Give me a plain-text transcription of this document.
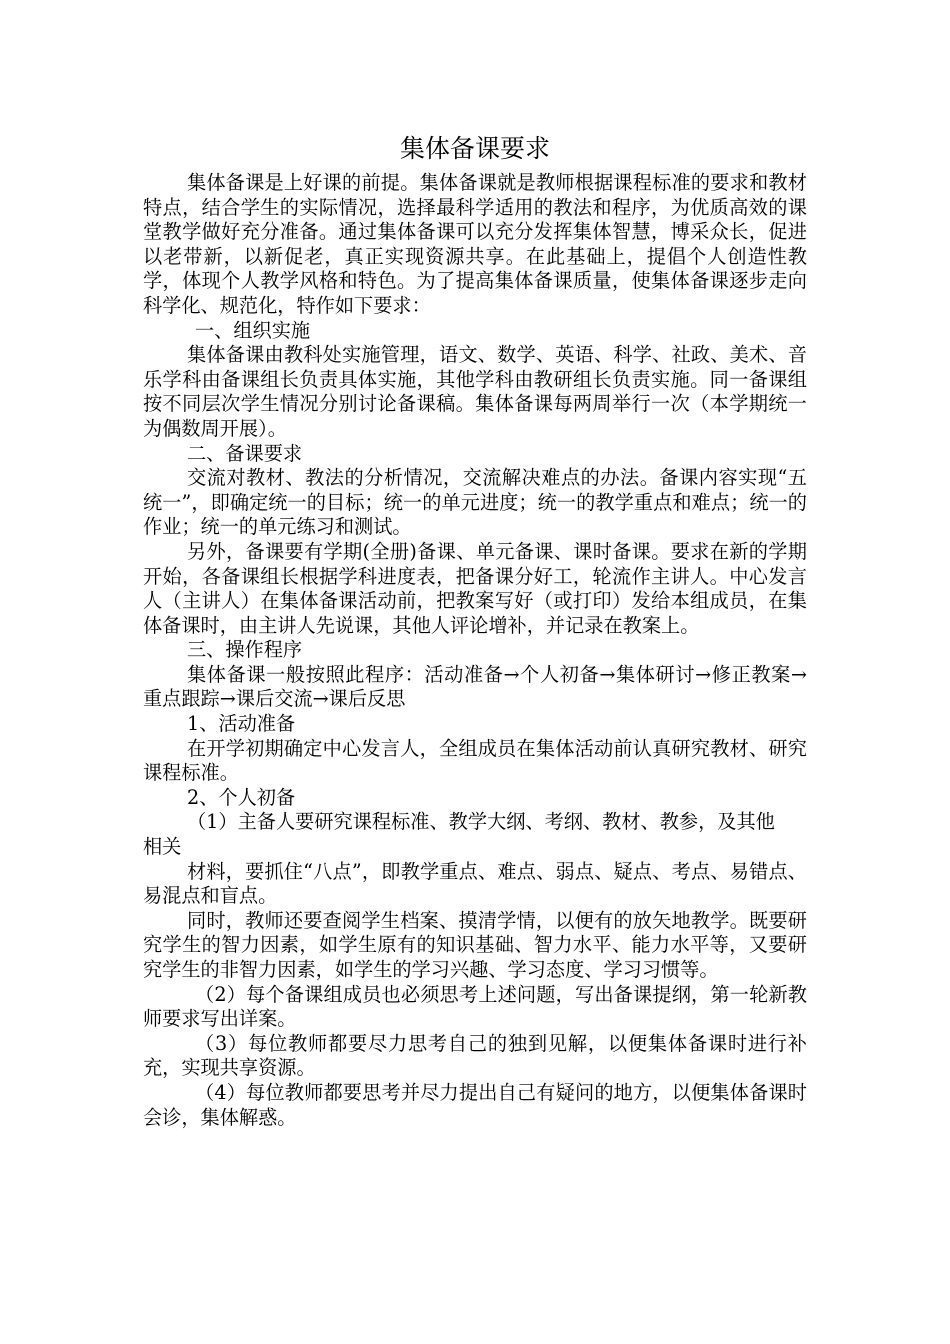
集体备课要求

集体备课是上好课的前提。集体备课就是教师根据课程标准的要求和教材特点，结合学生的实际情况，选择最科学适用的教法和程序，为优质高效的课堂教学做好充分准备。通过集体备课可以充分发挥集体智慧，博采众长，促进以老带新，以新促老，真正实现资源共享。在此基础上，提倡个人创造性教学，体现个人教学风格和特色。为了提高集体备课质量，使集体备课逐步走向科学化、规范化，特作如下要求：

一、组织实施

集体备课由教科处实施管理，语文、数学、英语、科学、社政、美术、音乐学科由备课组长负责具体实施，其他学科由教研组长负责实施。同一备课组按不同层次学生情况分别讨论备课稿。集体备课每两周举行一次（本学期统一为偶数周开展）。

二、备课要求

交流对教材、教法的分析情况，交流解决难点的办法。备课内容实现“五统一”，即确定统一的目标；统一的单元进度；统一的教学重点和难点；统一的作业；统一的单元练习和测试。

另外，备课要有学期(全册)备课、单元备课、课时备课。要求在新的学期开始，各备课组长根据学科进度表，把备课分好工，轮流作主讲人。中心发言人（主讲人）在集体备课活动前，把教案写好（或打印）发给本组成员，在集体备课时，由主讲人先说课，其他人评论增补，并记录在教案上。

三、操作程序

集体备课一般按照此程序：活动准备→个人初备→集体研讨→修正教案→重点跟踪→课后交流→课后反思

1、活动准备

在开学初期确定中心发言人，全组成员在集体活动前认真研究教材、研究课程标准。

2、个人初备

（1）主备人要研究课程标准、教学大纲、考纲、教材、教参，及其他

相关

材料，要抓住“八点”，即教学重点、难点、弱点、疑点、考点、易错点、易混点和盲点。

同时，教师还要查阅学生档案、摸清学情，以便有的放矢地教学。既要研究学生的智力因素，如学生原有的知识基础、智力水平、能力水平等，又要研究学生的非智力因素，如学生的学习兴趣、学习态度、学习习惯等。

（2）每个备课组成员也必须思考上述问题，写出备课提纲，第一轮新教师要求写出详案。

（3）每位教师都要尽力思考自己的独到见解，以便集体备课时进行补充，实现共享资源。

（4）每位教师都要思考并尽力提出自己有疑问的地方，以便集体备课时会诊，集体解惑。
